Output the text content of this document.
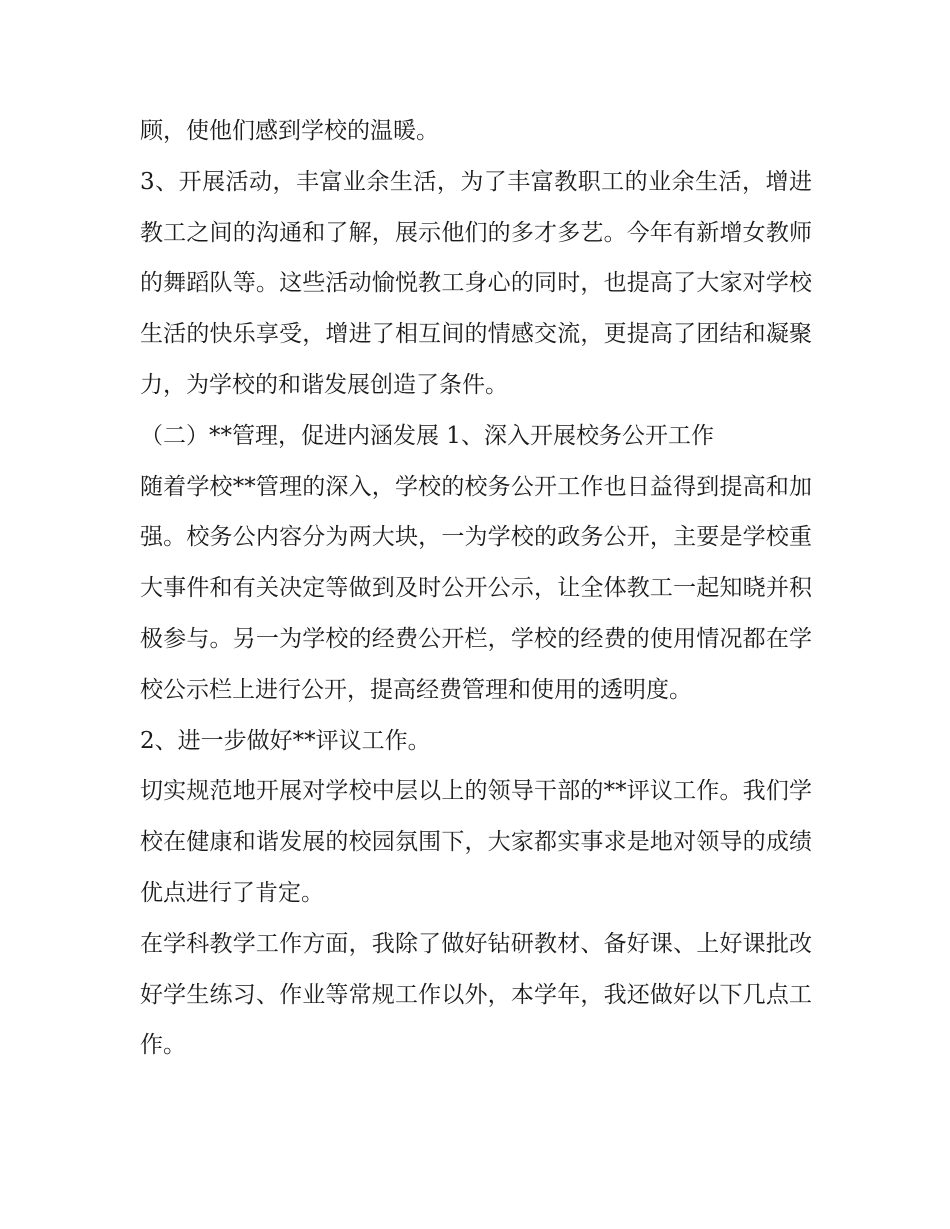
顾，使他们感到学校的温暖。

3、开展活动，丰富业余生活，为了丰富教职工的业余生活，增进教工之间的沟通和了解，展示他们的多才多艺。今年有新增女教师的舞蹈队等。这些活动愉悦教工身心的同时，也提高了大家对学校生活的快乐享受，增进了相互间的情感交流，更提高了团结和凝聚力，为学校的和谐发展创造了条件。

（二）**管理，促进内涵发展 1、深入开展校务公开工作

随着学校**管理的深入，学校的校务公开工作也日益得到提高和加强。校务公内容分为两大块，一为学校的政务公开，主要是学校重大事件和有关决定等做到及时公开公示，让全体教工一起知晓并积极参与。另一为学校的经费公开栏，学校的经费的使用情况都在学校公示栏上进行公开，提高经费管理和使用的透明度。

2、进一步做好**评议工作。

切实规范地开展对学校中层以上的领导干部的**评议工作。我们学校在健康和谐发展的校园氛围下，大家都实事求是地对领导的成绩优点进行了肯定。

在学科教学工作方面，我除了做好钻研教材、备好课、上好课批改好学生练习、作业等常规工作以外，本学年，我还做好以下几点工作。
